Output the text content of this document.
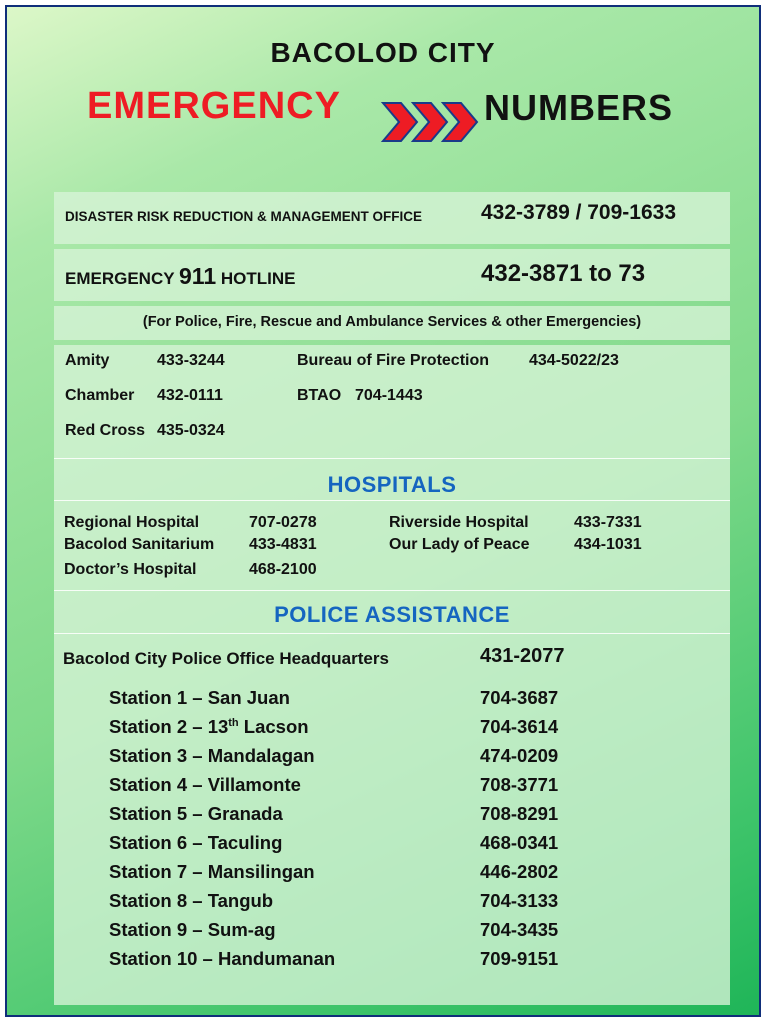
BACOLOD CITY
EMERGENCY	NUMBERS
DISASTER RISK REDUCTION & MANAGEMENT OFFICE	432-3789 / 709-1633
EMERGENCY 911 HOTLINE	432-3871 to 73
(For Police, Fire, Rescue and Ambulance Services & other Emergencies)
Amity	433-3244
Chamber 432-0111
Red Cross 435-0324
Bureau of Fire Protection 434-5022/23
BTAO 704-1443
HOSPITALS
Regional Hospital	707-0278
Bacolod Sanitarium 433-4831
Doctor’s Hospital	468-2100
Riverside Hospital	433-7331
Our Lady of Peace	434-1031
POLICE ASSISTANCE
Bacolod City Police Office Headquarters	431-2077
Station 1 – San Juan	704-3687
Station 2 – 13th Lacson	704-3614
Station 3 – Mandalagan	474-0209
Station 4 – Villamonte	708-3771
Station 5 – Granada	708-8291
Station 6 – Taculing	468-0341
Station 7 – Mansilingan	446-2802
Station 8 – Tangub	704-3133
Station 9 – Sum-ag	704-3435
Station 10 – Handumanan	709-9151
